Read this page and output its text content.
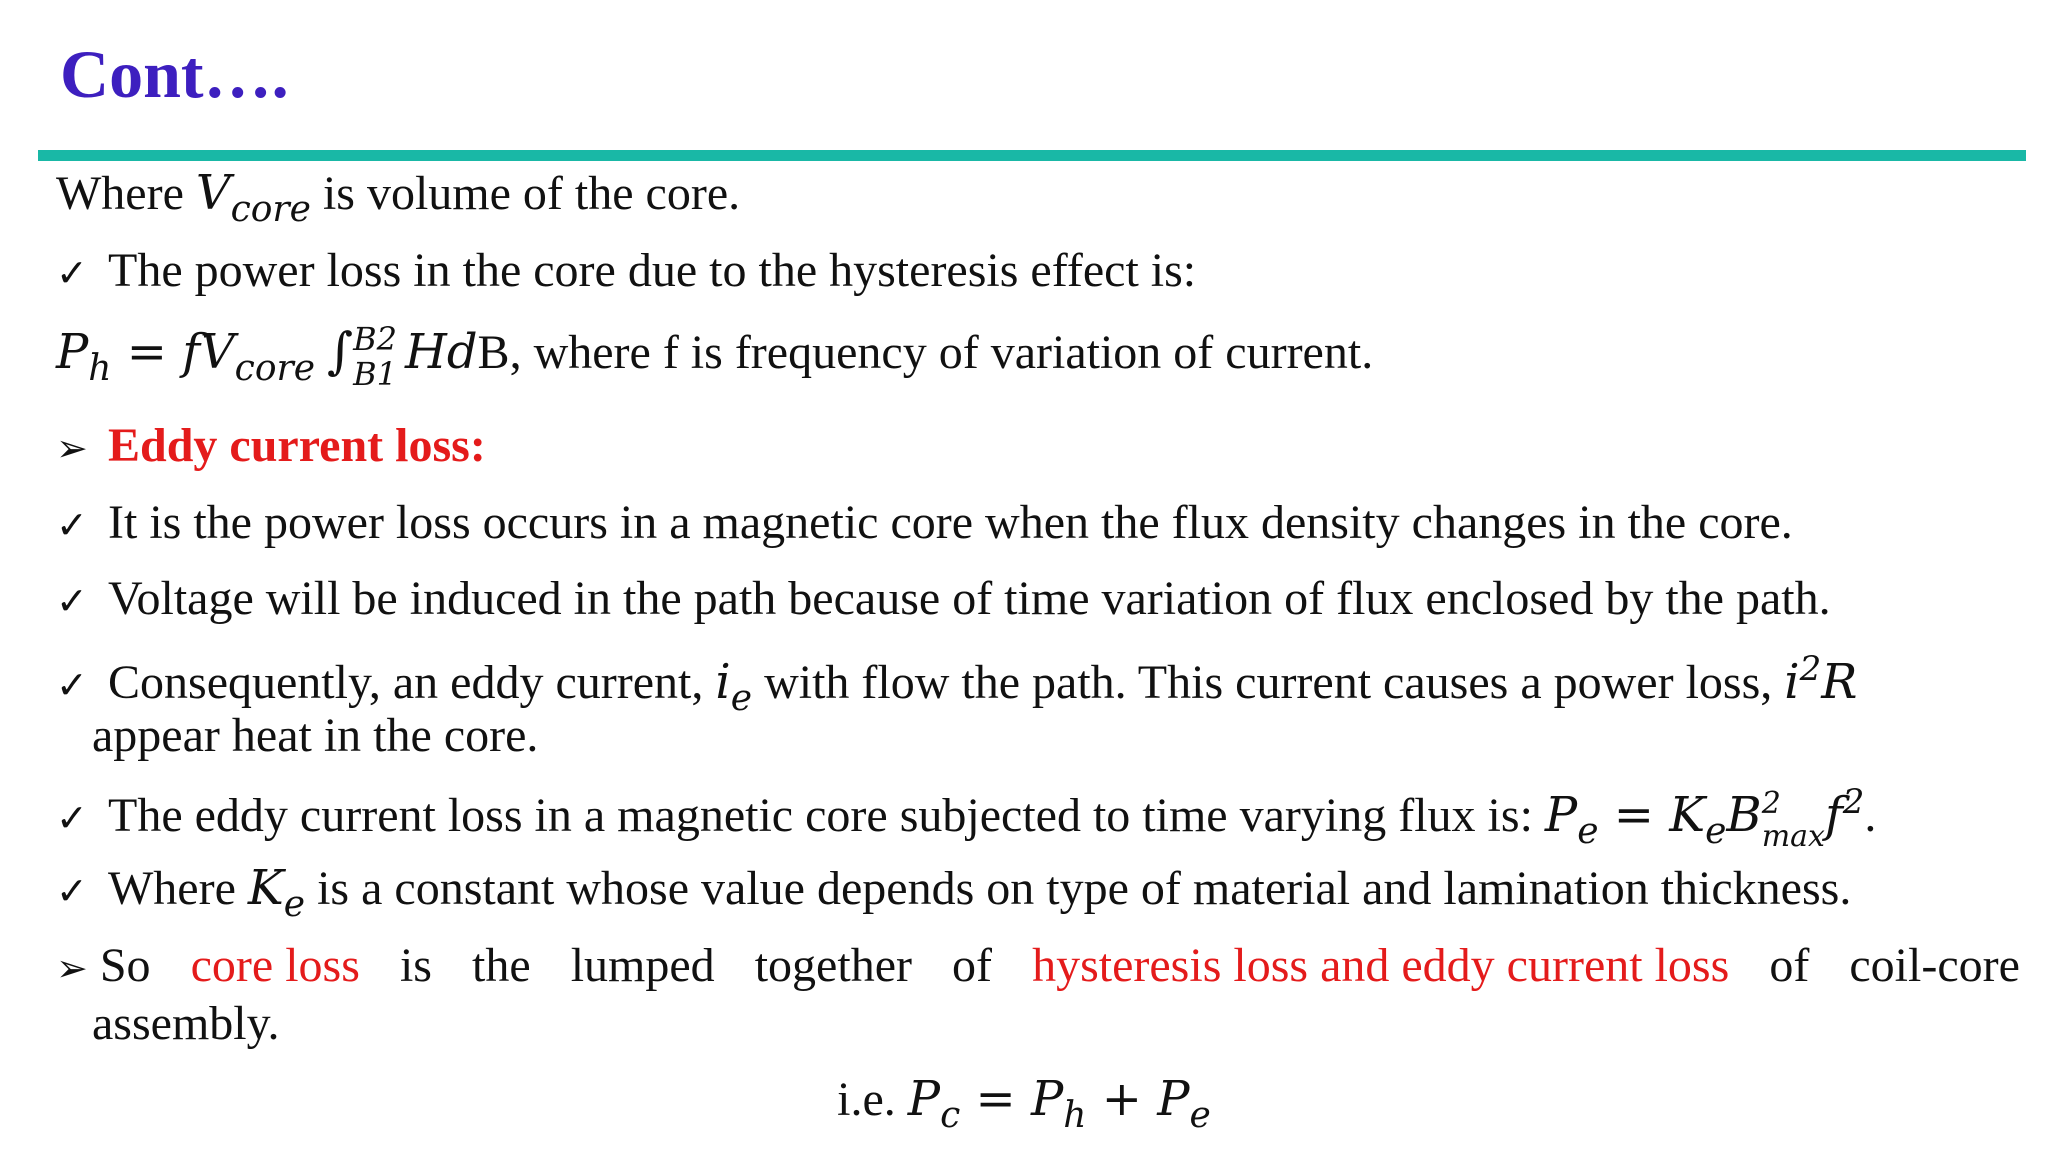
Cont….
Where $V_{core}$ is volume of the core.
✓ The power loss in the core due to the hysteresis effect is:
$P_h = fV_{core}$ ∫ B2
B1 HdB, where f is frequency of variation of current.
➢ Eddy current loss:
✓ It is the power loss occurs in a magnetic core when the flux density changes in the core.
✓ Voltage will be induced in the path because of time variation of flux enclosed by the path.
✓ Consequently, an eddy current, $i_e$ with flow the path. This current causes a power loss, $i^2R$
appear heat in the core.
✓ The eddy current loss in a magnetic core subjected to time varying flux is: $P_e = K_eB$ 2
$\max f^2$.
✓ Where $K_e$ is a constant whose value depends on type of material and lamination thickness.
➢ So core loss is the lumped together of hysteresis loss and eddy current loss of coil-core
assembly.
i.e. $P_c = P_h + P_e$
